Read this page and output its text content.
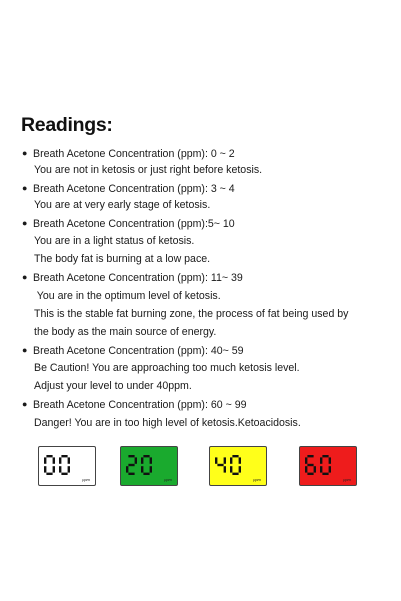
Readings:
● Breath Acetone Concentration (ppm): 0 ~ 2
You are not in ketosis or just right before ketosis.
● Breath Acetone Concentration (ppm): 3 ~ 4
You are at very early stage of ketosis.
● Breath Acetone Concentration (ppm):5~ 10
You are in a light status of ketosis.
The body fat is burning at a low pace.
● Breath Acetone Concentration (ppm): 11~ 39
You are in the optimum level of ketosis.
This is the stable fat burning zone, the process of fat being used by
the body as the main source of energy.
● Breath Acetone Concentration (ppm): 40~ 59
Be Caution! You are approaching too much ketosis level.
Adjust your level to under 40ppm.
● Breath Acetone Concentration (ppm): 60 ~ 99
Danger! You are in too high level of ketosis.Ketoacidosis.
ppm	ppm	ppm	ppm
